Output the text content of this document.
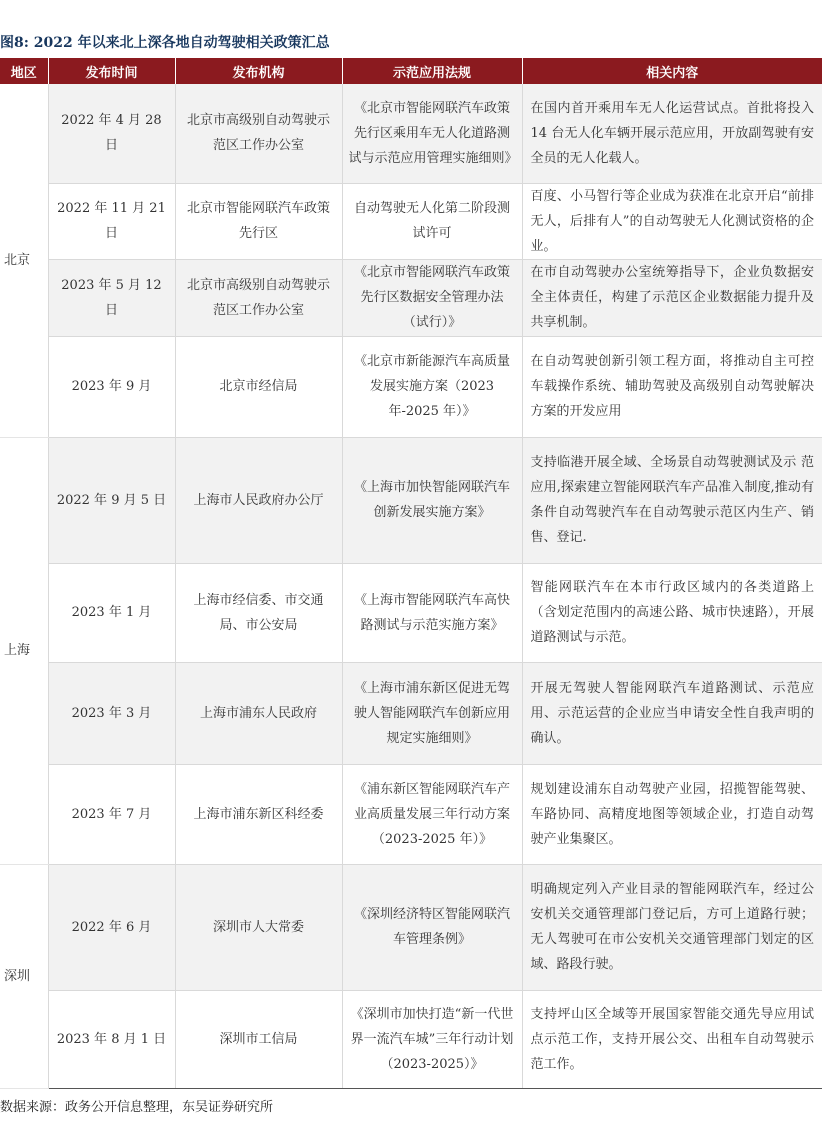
图8: 2022 年以来北上深各地自动驾驶相关政策汇总
地区	发布时间	发布机构	示范应用法规	相关内容
北京	2022 年 4 月 28 日	北京市高级别自动驾驶示范区工作办公室	《北京市智能网联汽车政策先行区乘用车无人化道路测试与示范应用管理实施细则》	在国内首开乘用车无人化运营试点。首批将投入 14 台无人化车辆开展示范应用，开放副驾驶有安全员的无人化载人。
	2022 年 11 月 21 日	北京市智能网联汽车政策先行区	自动驾驶无人化第二阶段测试许可	百度、小马智行等企业成为获准在北京开启“前排无人，后排有人”的自动驾驶无人化测试资格的企业。
	2023 年 5 月 12 日	北京市高级别自动驾驶示范区工作办公室	《北京市智能网联汽车政策先行区数据安全管理办法（试行）》	在市自动驾驶办公室统筹指导下，企业负数据安全主体责任，构建了示范区企业数据能力提升及共享机制。
	2023 年 9 月	北京市经信局	《北京市新能源汽车高质量发展实施方案（2023 年-2025 年）》	在自动驾驶创新引领工程方面，将推动自主可控车载操作系统、辅助驾驶及高级别自动驾驶解决方案的开发应用
上海	2022 年 9 月 5 日	上海市人民政府办公厅	《上海市加快智能网联汽车创新发展实施方案》	支持临港开展全域、全场景自动驾驶测试及示 范应用,探索建立智能网联汽车产品准入制度,推动有条件自动驾驶汽车在自动驾驶示范区内生产、销售、登记.
	2023 年 1 月	上海市经信委、市交通局、市公安局	《上海市智能网联汽车高快路测试与示范实施方案》	智能网联汽车在本市行政区域内的各类道路上（含划定范围内的高速公路、城市快速路），开展道路测试与示范。
	2023 年 3 月	上海市浦东人民政府	《上海市浦东新区促进无驾驶人智能网联汽车创新应用规定实施细则》	开展无驾驶人智能网联汽车道路测试、示范应用、示范运营的企业应当申请安全性自我声明的确认。
	2023 年 7 月	上海市浦东新区科经委	《浦东新区智能网联汽车产业高质量发展三年行动方案（2023-2025 年）》	规划建设浦东自动驾驶产业园，招揽智能驾驶、车路协同、高精度地图等领域企业，打造自动驾驶产业集聚区。
深圳	2022 年 6 月	深圳市人大常委	《深圳经济特区智能网联汽车管理条例》	明确规定列入产业目录的智能网联汽车，经过公安机关交通管理部门登记后，方可上道路行驶；无人驾驶可在市公安机关交通管理部门划定的区域、路段行驶。
	2023 年 8 月 1 日	深圳市工信局	《深圳市加快打造“新一代世界一流汽车城”三年行动计划（2023-2025）》	支持坪山区全域等开展国家智能交通先导应用试点示范工作，支持开展公交、出租车自动驾驶示范工作。
数据来源：政务公开信息整理，东吴证券研究所
